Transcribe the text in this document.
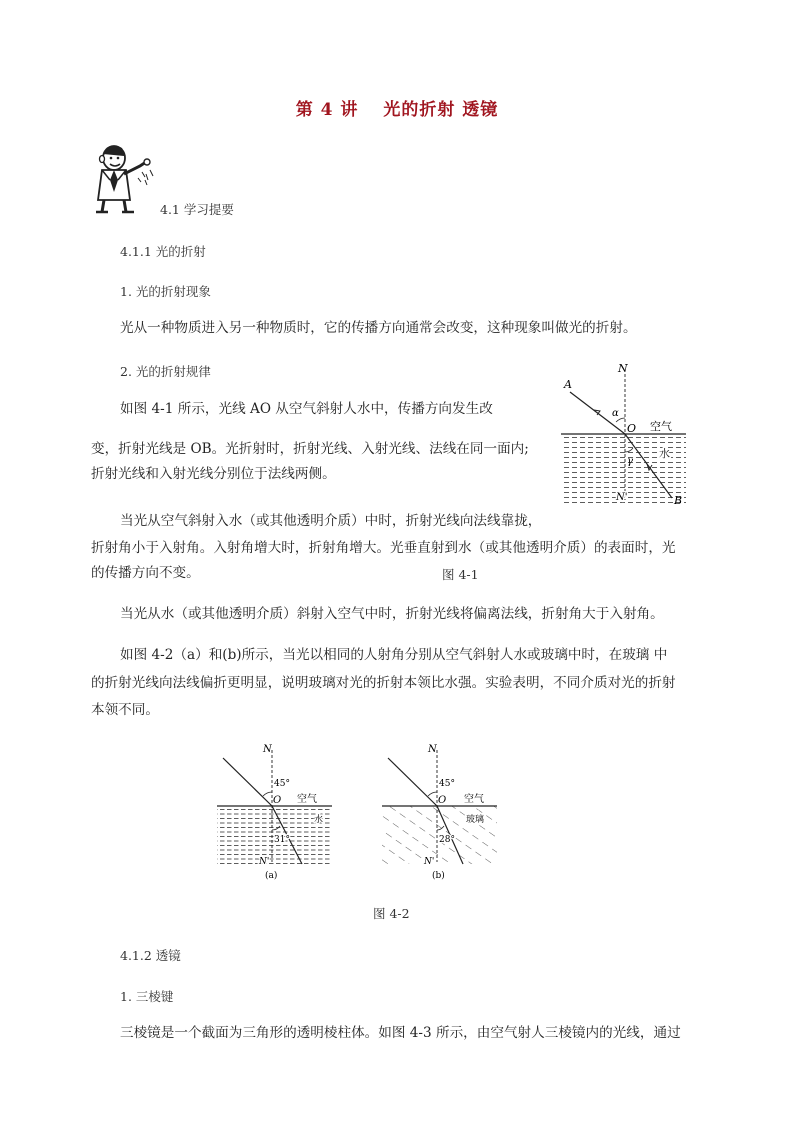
第 4 讲　 光的折射 透镜
4.1 学习提要
4.1.1 光的折射
1. 光的折射现象
光从一种物质进入另一种物质时，它的传播方向通常会改变，这种现象叫做光的折射。
2. 光的折射规律
如图 4-1 所示，光线 AO 从空气斜射人水中，传播方向发生改
变，折射光线是 OB。光折射时，折射光线、入射光线、法线在同一面内;
折射光线和入射光线分别位于法线两侧。
N
A
α
O 空气
水
γ
N'	B
当光从空气斜射入水（或其他透明介质）中时，折射光线向法线靠拢，
折射角小于入射角。入射角增大时，折射角增大。光垂直射到水（或其他透明介质）的表面时，光
的传播方向不变。	图 4-1
当光从水（或其他透明介质）斜射入空气中时，折射光线将偏离法线，折射角大于入射角。
如图 4-2（a）和(b)所示，当光以相同的人射角分别从空气斜射人水或玻璃中时，在玻璃 中
的折射光线向法线偏折更明显，说明玻璃对光的折射本领比水强。实验表明，不同介质对光的折射
本领不同。
N
45°
O 空气
水
31°
N'
(a)
N
45°
O 空气
玻璃
28°
N'
(b)
图 4-2
4.1.2 透镜
1. 三棱键
三棱镜是一个截面为三角形的透明棱柱体。如图 4-3 所示，由空气射人三棱镜内的光线，通过
